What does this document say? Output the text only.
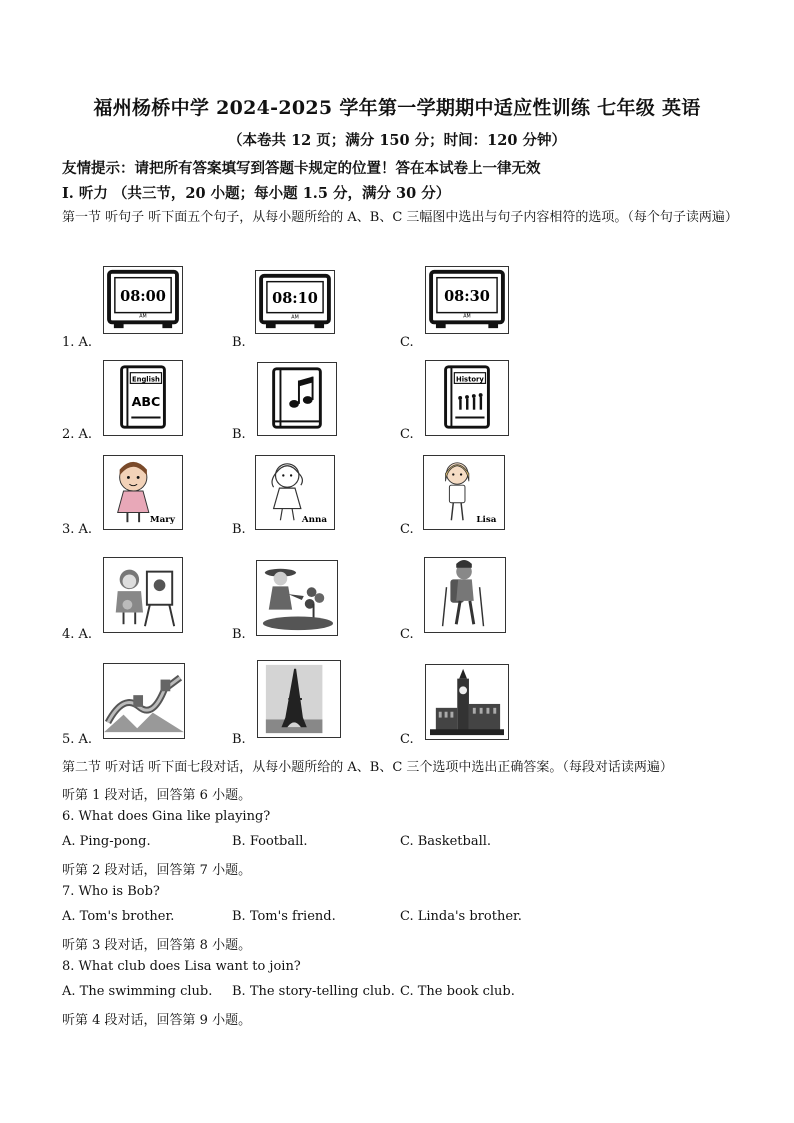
福州杨桥中学 2024-2025 学年第一学期期中适应性训练 七年级 英语
（本卷共 12 页；满分 150 分；时间：120 分钟）
友情提示：请把所有答案填写到答题卡规定的位置！答在本试卷上一律无效
I. 听力 （共三节，20 小题；每小题 1.5 分，满分 30 分）
第一节 听句子 听下面五个句子，从每小题所给的 A、B、C 三幅图中选出与句子内容相符的选项。（每个句子读两遍）
1. A.	B.	C.
08:00
AM
08:10
AM
08:30
AM
2. A.	B.	C.
English
ABC
History
3. A.	B.	C.
Mary	Anna	Lisa
4. A.	B.	C.
5. A.	B.	C.
第二节 听对话 听下面七段对话，从每小题所给的 A、B、C 三个选项中选出正确答案。（每段对话读两遍）
听第 1 段对话，回答第 6 小题。
6. What does Gina like playing?
A. Ping-pong.	B. Football.	C. Basketball.
听第 2 段对话，回答第 7 小题。
7. Who is Bob?
A. Tom's brother.	B. Tom's friend.	C. Linda's brother.
听第 3 段对话，回答第 8 小题。
8. What club does Lisa want to join?
A. The swimming club. B. The story-telling club. C. The book club.
听第 4 段对话，回答第 9 小题。
